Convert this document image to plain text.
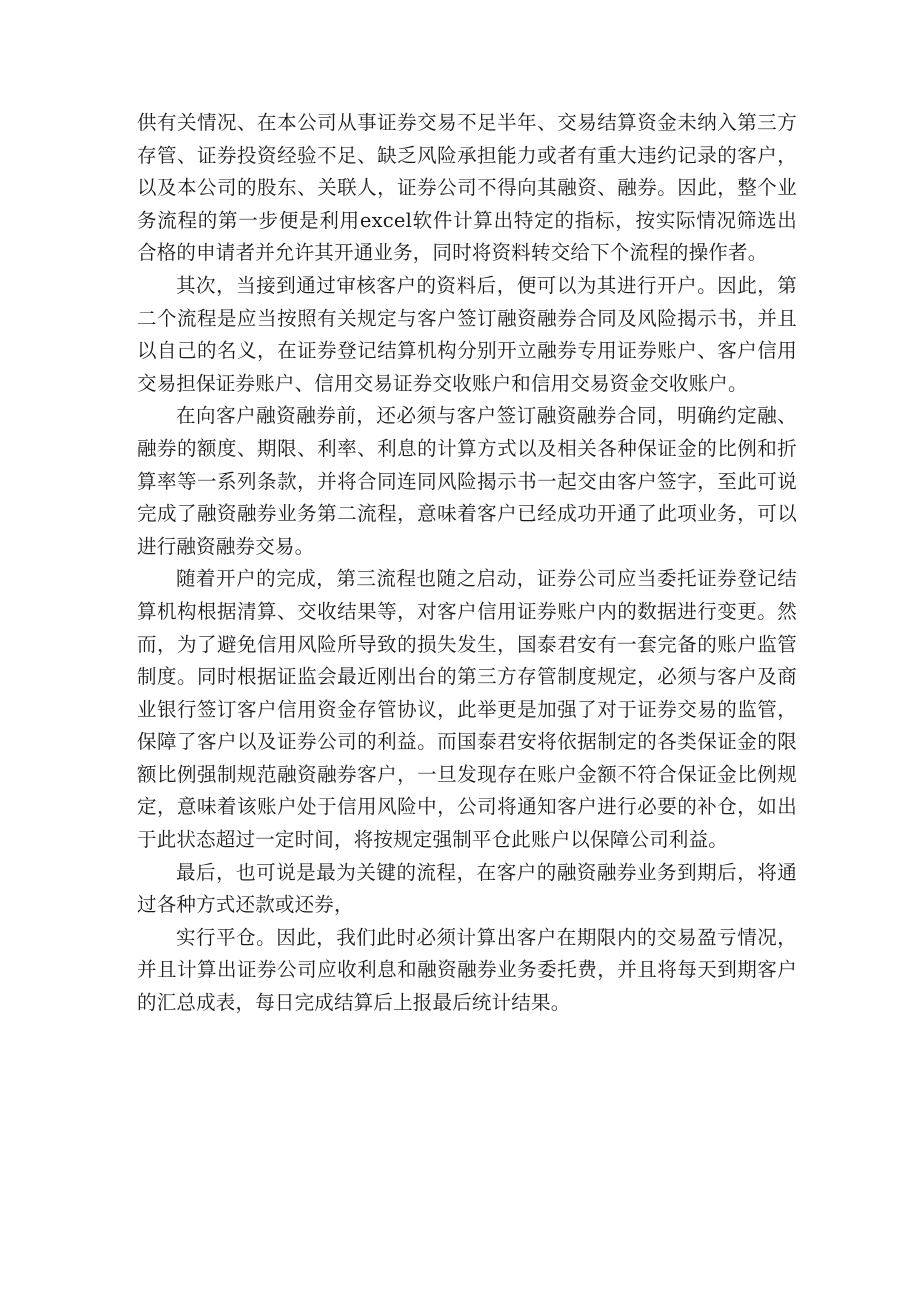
供有关情况、在本公司从事证券交易不足半年、交易结算资金未纳入第三方存管、证券投资经验不足、缺乏风险承担能力或者有重大违约记录的客户，以及本公司的股东、关联人，证券公司不得向其融资、融券。因此，整个业务流程的第一步便是利用excel软件计算出特定的指标，按实际情况筛选出合格的申请者并允许其开通业务，同时将资料转交给下个流程的操作者。

其次，当接到通过审核客户的资料后，便可以为其进行开户。因此，第二个流程是应当按照有关规定与客户签订融资融券合同及风险揭示书，并且以自己的名义，在证券登记结算机构分别开立融券专用证券账户、客户信用交易担保证券账户、信用交易证券交收账户和信用交易资金交收账户。

在向客户融资融券前，还必须与客户签订融资融券合同，明确约定融、融券的额度、期限、利率、利息的计算方式以及相关各种保证金的比例和折算率等一系列条款，并将合同连同风险揭示书一起交由客户签字，至此可说完成了融资融券业务第二流程，意味着客户已经成功开通了此项业务，可以进行融资融券交易。

随着开户的完成，第三流程也随之启动，证券公司应当委托证券登记结算机构根据清算、交收结果等，对客户信用证券账户内的数据进行变更。然而，为了避免信用风险所导致的损失发生，国泰君安有一套完备的账户监管制度。同时根据证监会最近刚出台的第三方存管制度规定，必须与客户及商业银行签订客户信用资金存管协议，此举更是加强了对于证券交易的监管，保障了客户以及证券公司的利益。而国泰君安将依据制定的各类保证金的限额比例强制规范融资融券客户，一旦发现存在账户金额不符合保证金比例规定，意味着该账户处于信用风险中，公司将通知客户进行必要的补仓，如出于此状态超过一定时间，将按规定强制平仓此账户以保障公司利益。

最后，也可说是最为关键的流程，在客户的融资融券业务到期后，将通过各种方式还款或还券，

实行平仓。因此，我们此时必须计算出客户在期限内的交易盈亏情况，并且计算出证券公司应收利息和融资融券业务委托费，并且将每天到期客户的汇总成表，每日完成结算后上报最后统计结果。
